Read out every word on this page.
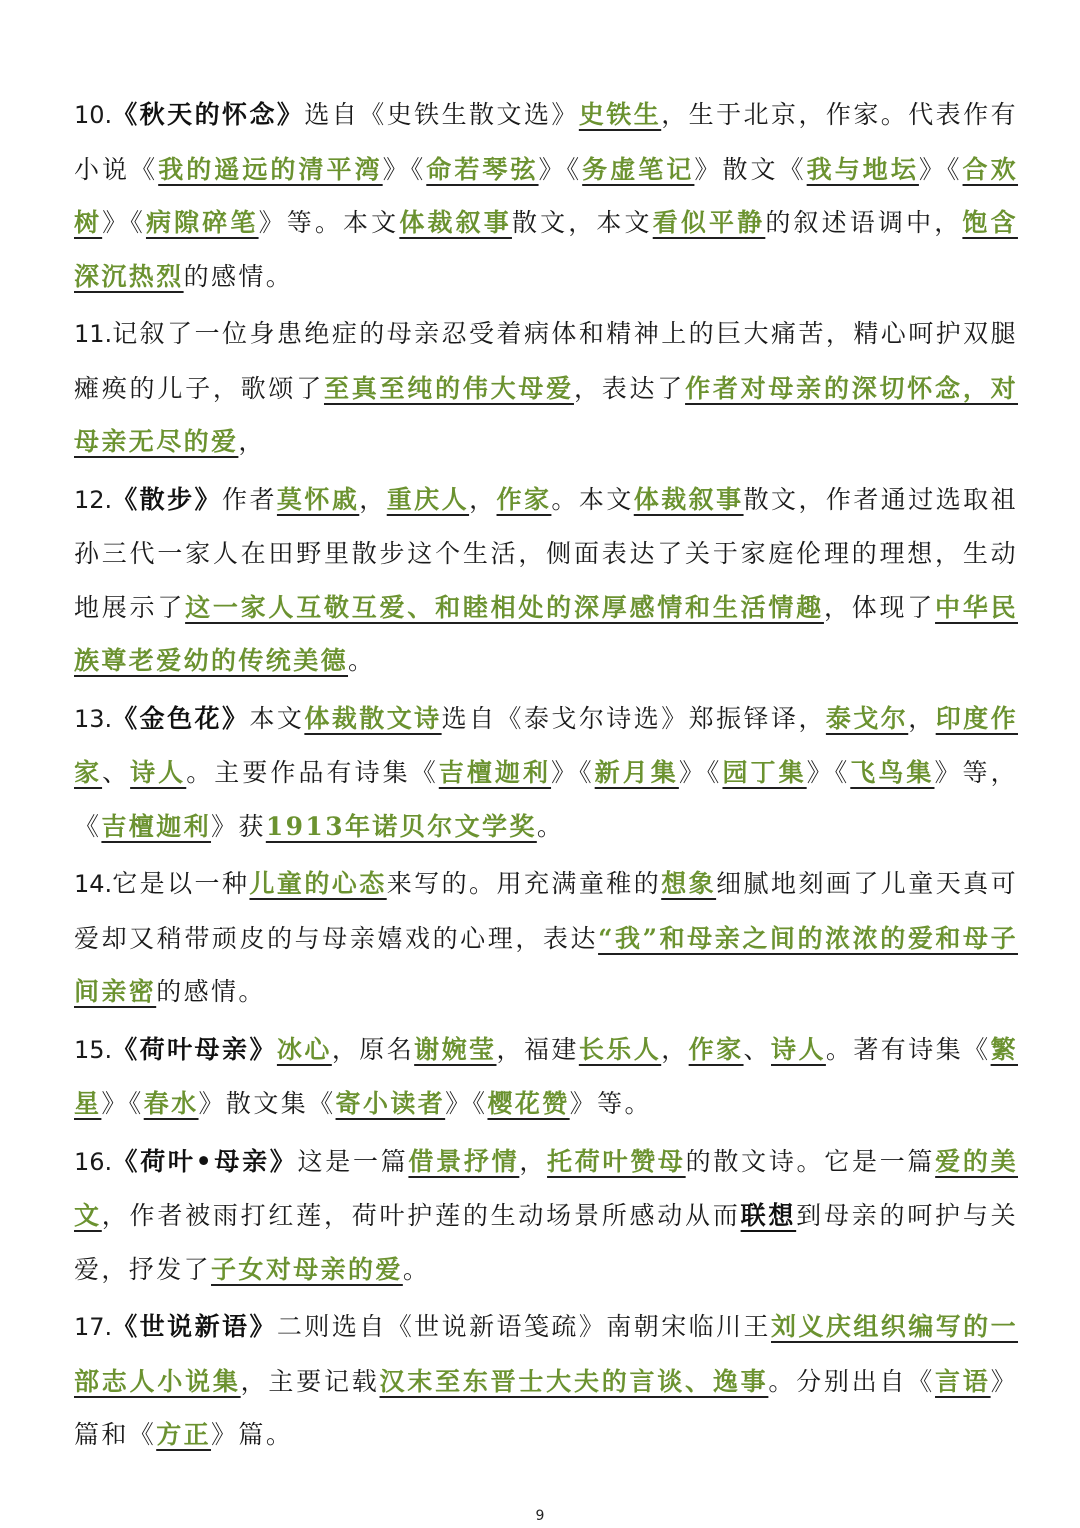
10.《秋天的怀念》选自《史铁生散文选》史铁生，生于北京，作家。代表作有小说《我的遥远的清平湾》《命若琴弦》《务虚笔记》散文《我与地坛》《合欢树》《病隙碎笔》等。本文体裁叙事散文，本文看似平静的叙述语调中，饱含深沉热烈的感情。

11.记叙了一位身患绝症的母亲忍受着病体和精神上的巨大痛苦，精心呵护双腿瘫痪的儿子，歌颂了至真至纯的伟大母爱，表达了作者对母亲的深切怀念，对母亲无尽的爱，

12.《散步》作者莫怀戚，重庆人，作家。本文体裁叙事散文，作者通过选取祖孙三代一家人在田野里散步这个生活，侧面表达了关于家庭伦理的理想，生动地展示了这一家人互敬互爱、和睦相处的深厚感情和生活情趣，体现了中华民族尊老爱幼的传统美德。

13.《金色花》本文体裁散文诗选自《泰戈尔诗选》郑振铎译，泰戈尔，印度作家、诗人。主要作品有诗集《吉檀迦利》《新月集》《园丁集》《飞鸟集》等，《吉檀迦利》获1913年诺贝尔文学奖。

14.它是以一种儿童的心态来写的。用充满童稚的想象细腻地刻画了儿童天真可爱却又稍带顽皮的与母亲嬉戏的心理，表达“我”和母亲之间的浓浓的爱和母子间亲密的感情。

15.《荷叶母亲》冰心，原名谢婉莹，福建长乐人，作家、诗人。著有诗集《繁星》《春水》散文集《寄小读者》《樱花赞》等。

16.《荷叶•母亲》这是一篇借景抒情，托荷叶赞母的散文诗。它是一篇爱的美文，作者被雨打红莲，荷叶护莲的生动场景所感动从而联想到母亲的呵护与关爱，抒发了子女对母亲的爱。

17.《世说新语》二则选自《世说新语笺疏》南朝宋临川王刘义庆组织编写的一部志人小说集，主要记载汉末至东晋士大夫的言谈、逸事。分别出自《言语》篇和《方正》篇。

9
